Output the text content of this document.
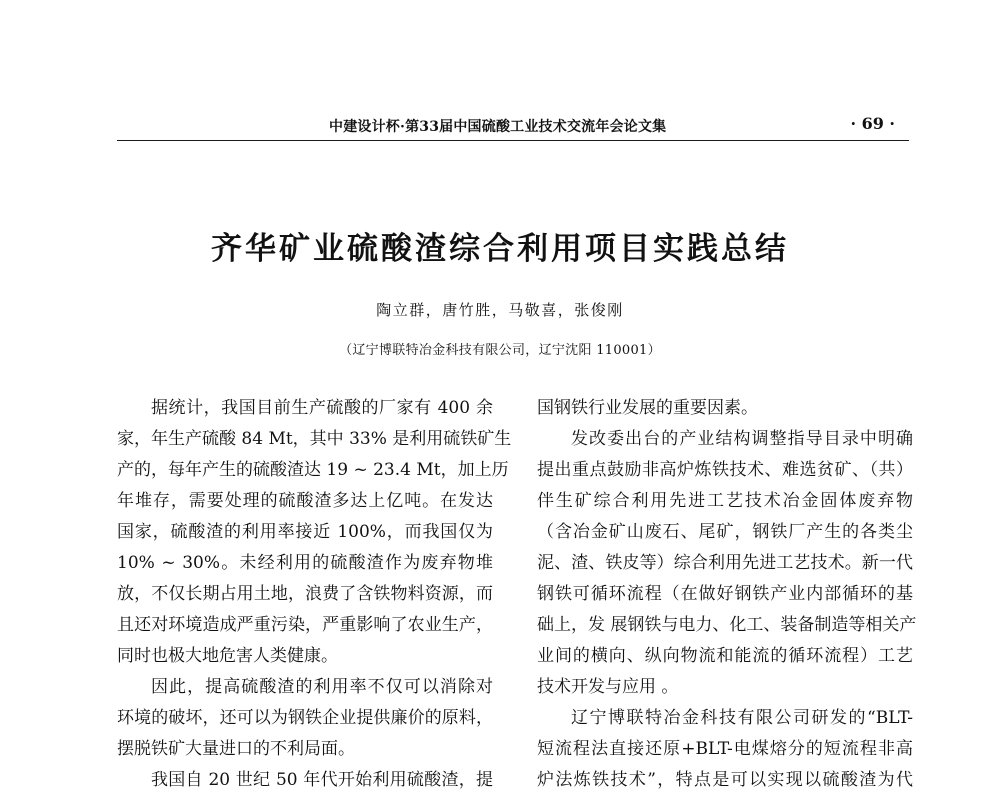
中建设计杯·第33届中国硫酸工业技术交流年会论文集	· 69 ·
齐华矿业硫酸渣综合利用项目实践总结
陶立群，唐竹胜，马敬喜，张俊刚
（辽宁博联特冶金科技有限公司，辽宁沈阳 110001）
据统计，我国目前生产硫酸的厂家有 400 余
家，年生产硫酸 84 Mt，其中 33% 是利用硫铁矿生
产的，每年产生的硫酸渣达 19 ~ 23.4 Mt，加上历
年堆存，需要处理的硫酸渣多达上亿吨。在发达
国家，硫酸渣的利用率接近 100%，而我国仅为
10% ~ 30%。未经利用的硫酸渣作为废弃物堆
放，不仅长期占用土地，浪费了含铁物料资源，而
且还对环境造成严重污染，严重影响了农业生产，
同时也极大地危害人类健康。
因此，提高硫酸渣的利用率不仅可以消除对
环境的破坏，还可以为钢铁企业提供廉价的原料，
摆脱铁矿大量进口的不利局面。
我国自 20 世纪 50 年代开始利用硫酸渣，提
国钢铁行业发展的重要因素。
发改委出台的产业结构调整指导目录中明确
提出重点鼓励非高炉炼铁技术、难选贫矿、（共）
伴生矿综合利用先进工艺技术冶金固体废弃物
（含冶金矿山废石、尾矿，钢铁厂产生的各类尘
泥、渣、铁皮等）综合利用先进工艺技术。新一代
钢铁可循环流程（在做好钢铁产业内部循环的基
础上，发 展钢铁与电力、化工、装备制造等相关产
业间的横向、纵向物流和能流的循环流程）工艺
技术开发与应用 。
辽宁博联特冶金科技有限公司研发的“BLT-
短流程法直接还原+BLT-电煤熔分的短流程非高
炉法炼铁技术”，特点是可以实现以硫酸渣为代
